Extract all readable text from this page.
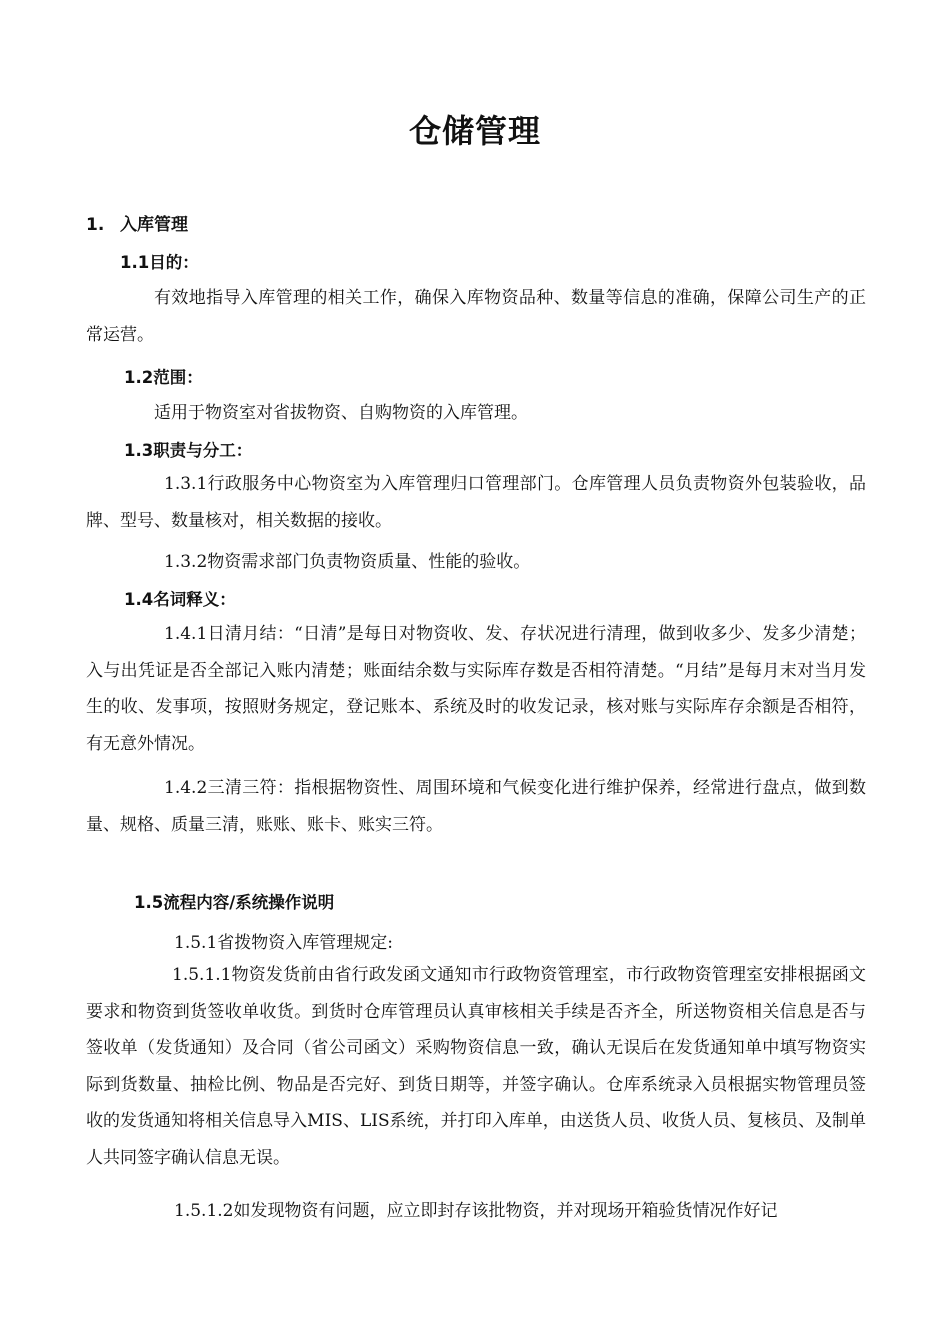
仓储管理
1. 入库管理
1.1目的：

有效地指导入库管理的相关工作，确保入库物资品种、数量等信息的准确，保障公司生产的正常运营。

1.2范围：
适用于物资室对省拔物资、自购物资的入库管理。
1.3职责与分工：

1.3.1行政服务中心物资室为入库管理归口管理部门。仓库管理人员负责物资外包装验收，品牌、型号、数量核对，相关数据的接收。

1.3.2物资需求部门负责物资质量、性能的验收。
1.4名词释义：

1.4.1日清月结：“日清”是每日对物资收、发、存状况进行清理，做到收多少、发多少清楚；入与出凭证是否全部记入账内清楚；账面结余数与实际库存数是否相符清楚。“月结”是每月末对当月发生的收、发事项，按照财务规定，登记账本、系统及时的收发记录，核对账与实际库存余额是否相符，有无意外情况。

1.4.2三清三符：指根据物资性、周围环境和气候变化进行维护保养，经常进行盘点，做到数量、规格、质量三清，账账、账卡、账实三符。

1.5流程内容/系统操作说明
1.5.1省拨物资入库管理规定:

1.5.1.1物资发货前由省行政发函文通知市行政物资管理室，市行政物资管理室安排根据函文要求和物资到货签收单收货。到货时仓库管理员认真审核相关手续是否齐全，所送物资相关信息是否与签收单（发货通知）及合同（省公司函文）采购物资信息一致，确认无误后在发货通知单中填写物资实际到货数量、抽检比例、物品是否完好、到货日期等，并签字确认。仓库系统录入员根据实物管理员签收的发货通知将相关信息导入MIS、LIS系统，并打印入库单，由送货人员、收货人员、复核员、及制单人共同签字确认信息无误。

1.5.1.2如发现物资有问题，应立即封存该批物资，并对现场开箱验货情况作好记
